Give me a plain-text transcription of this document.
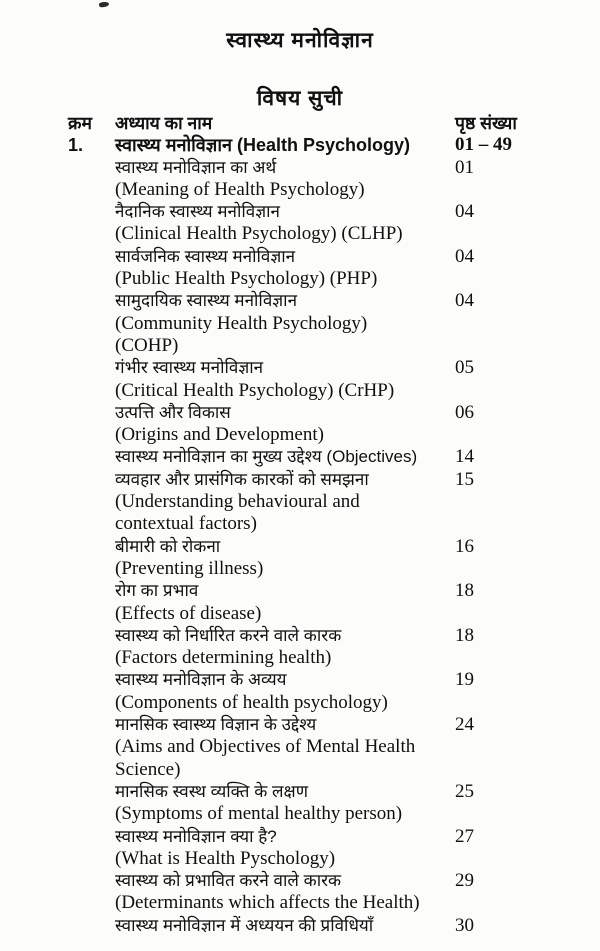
स्वास्थ्य मनोविज्ञान
विषय सुची
क्रम अध्याय का नाम	पृष्ठ संख्या
1. स्वास्थ्य मनोविज्ञान (Health Psychology)	01 – 49
स्वास्थ्य मनोविज्ञान का अर्थ	01
(Meaning of Health Psychology)
नैदानिक स्वास्थ्य मनोविज्ञान	04
(Clinical Health Psychology) (CLHP)
सार्वजनिक स्वास्थ्य मनोविज्ञान	04
(Public Health Psychology) (PHP)
सामुदायिक स्वास्थ्य मनोविज्ञान	04
(Community Health Psychology)
(COHP)
गंभीर स्वास्थ्य मनोविज्ञान	05
(Critical Health Psychology) (CrHP)
उत्पत्ति और विकास	06
(Origins and Development)
स्वास्थ्य मनोविज्ञान का मुख्य उद्देश्य (Objectives)	14
व्यवहार और प्रासंगिक कारकों को समझना	15
(Understanding behavioural and
contextual factors)
बीमारी को रोकना	16
(Preventing illness)
रोग का प्रभाव	18
(Effects of disease)
स्वास्थ्य को निर्धारित करने वाले कारक	18
(Factors determining health)
स्वास्थ्य मनोविज्ञान के अव्यय	19
(Components of health psychology)
मानसिक स्वास्थ्य विज्ञान के उद्देश्य	24
(Aims and Objectives of Mental Health
Science)
मानसिक स्वस्थ व्यक्ति के लक्षण	25
(Symptoms of mental healthy person)
स्वास्थ्य मनोविज्ञान क्या है?	27
(What is Health Pyschology)
स्वास्थ्य को प्रभावित करने वाले कारक	29
(Determinants which affects the Health)
स्वास्थ्य मनोविज्ञान में अध्ययन की प्रविधियाँ	30
